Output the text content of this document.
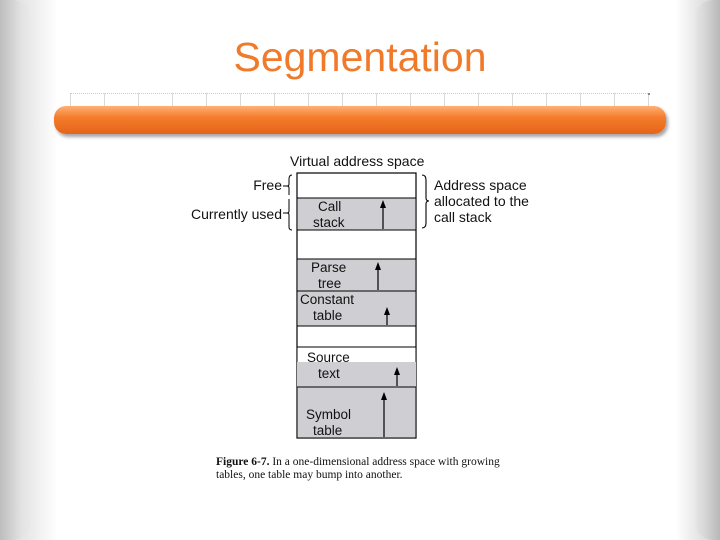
Segmentation
Virtual address space
Call
stack
Parse
tree
Constant
table
Source
text
Symbol
table
Free
Currently used
Address space
allocated to the
call stack
Figure 6-7. In a one-dimensional address space with growing
tables, one table may bump into another.
